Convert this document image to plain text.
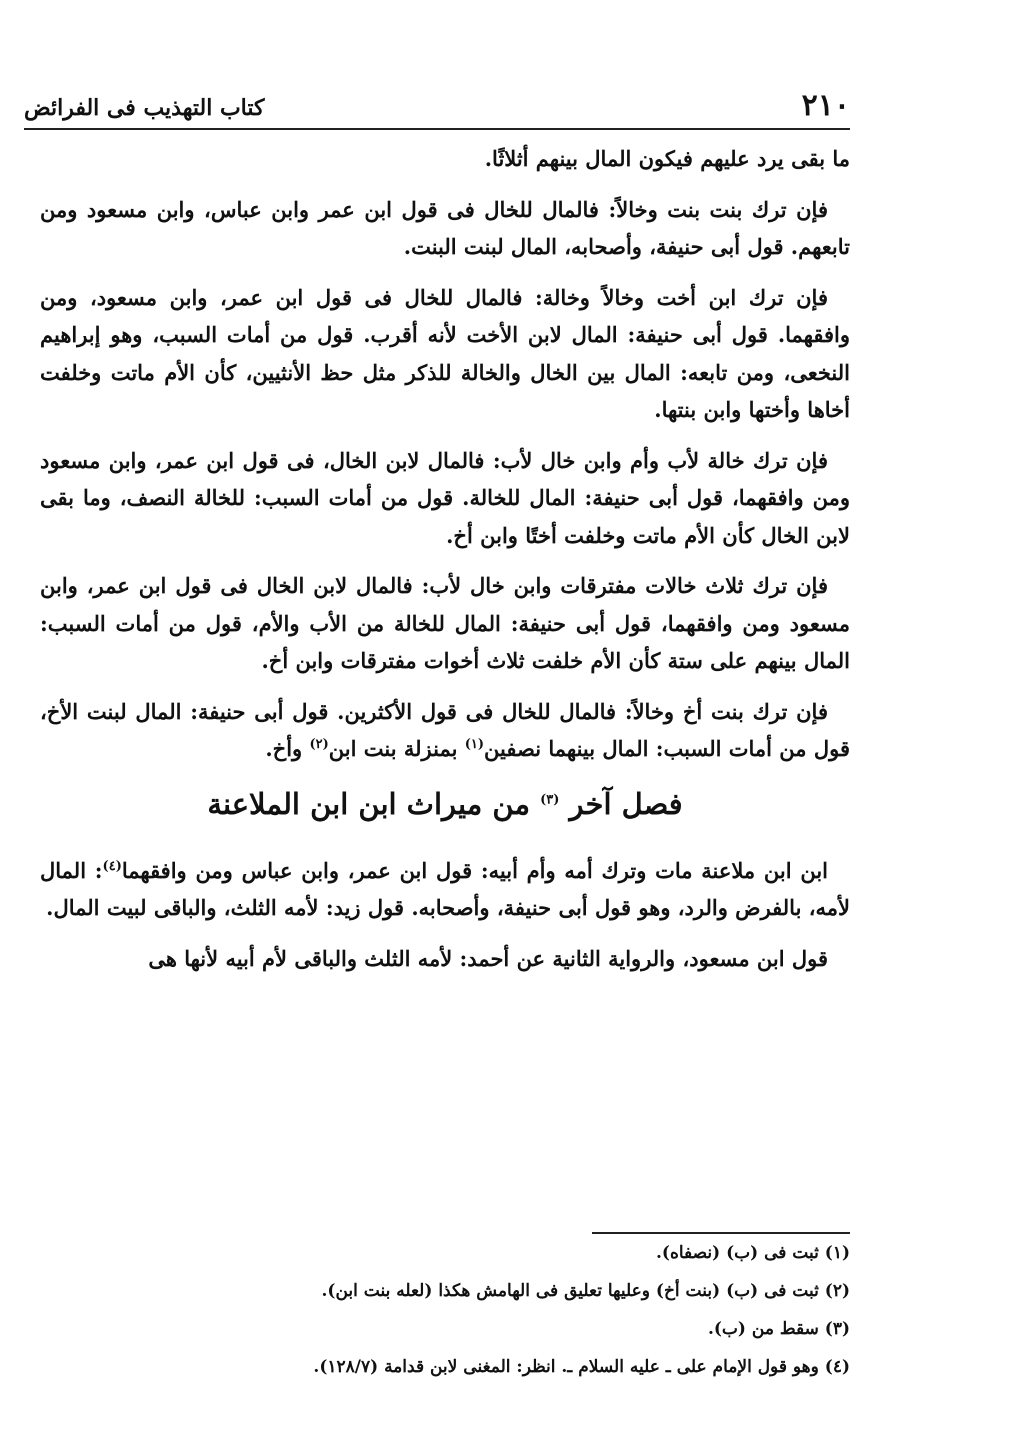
٢١٠
كتاب التهذيب فى الفرائض

ما بقى يرد عليهم فيكون المال بينهم أثلاثًا.

فإن ترك بنت بنت وخالاً: فالمال للخال فى قول ابن عمر وابن عباس، وابن مسعود ومن تابعهم. قول أبى حنيفة، وأصحابه، المال لبنت البنت.

فإن ترك ابن أخت وخالاً وخالة: فالمال للخال فى قول ابن عمر، وابن مسعود، ومن وافقهما. قول أبى حنيفة: المال لابن الأخت لأنه أقرب. قول من أمات السبب، وهو إبراهيم النخعى، ومن تابعه: المال بين الخال والخالة للذكر مثل حظ الأنثيين، كأن الأم ماتت وخلفت أخاها وأختها وابن بنتها.

فإن ترك خالة لأب وأم وابن خال لأب: فالمال لابن الخال، فى قول ابن عمر، وابن مسعود ومن وافقهما، قول أبى حنيفة: المال للخالة. قول من أمات السبب: للخالة النصف، وما بقى لابن الخال كأن الأم ماتت وخلفت أختًا وابن أخ.

فإن ترك ثلاث خالات مفترقات وابن خال لأب: فالمال لابن الخال فى قول ابن عمر، وابن مسعود ومن وافقهما، قول أبى حنيفة: المال للخالة من الأب والأم، قول من أمات السبب: المال بينهم على ستة كأن الأم خلفت ثلاث أخوات مفترقات وابن أخ.

فإن ترك بنت أخ وخالاً: فالمال للخال فى قول الأكثرين. قول أبى حنيفة: المال لبنت الأخ، قول من أمات السبب: المال بينهما نصفين$^{(١)}$ بمنزلة بنت ابن$^{(٢)}$ وأخ.

فصل آخر $^{(٣)}$ من ميراث ابن ابن الملاعنة

ابن ابن ملاعنة مات وترك أمه وأم أبيه: قول ابن عمر، وابن عباس ومن وافقهما$^{(٤)}$: المال لأمه، بالفرض والرد، وهو قول أبى حنيفة، وأصحابه. قول زيد: لأمه الثلث، والباقى لبيت المال.

قول ابن مسعود، والرواية الثانية عن أحمد: لأمه الثلث والباقى لأم أبيه لأنها هى

(١) ثبت فى (ب) (نصفاه).
(٢) ثبت فى (ب) (بنت أخ) وعليها تعليق فى الهامش هكذا (لعله بنت ابن).
(٣) سقط من (ب).
(٤) وهو قول الإمام على ـ عليه السلام ـ. انظر: المغنى لابن قدامة (١٢٨/٧).
